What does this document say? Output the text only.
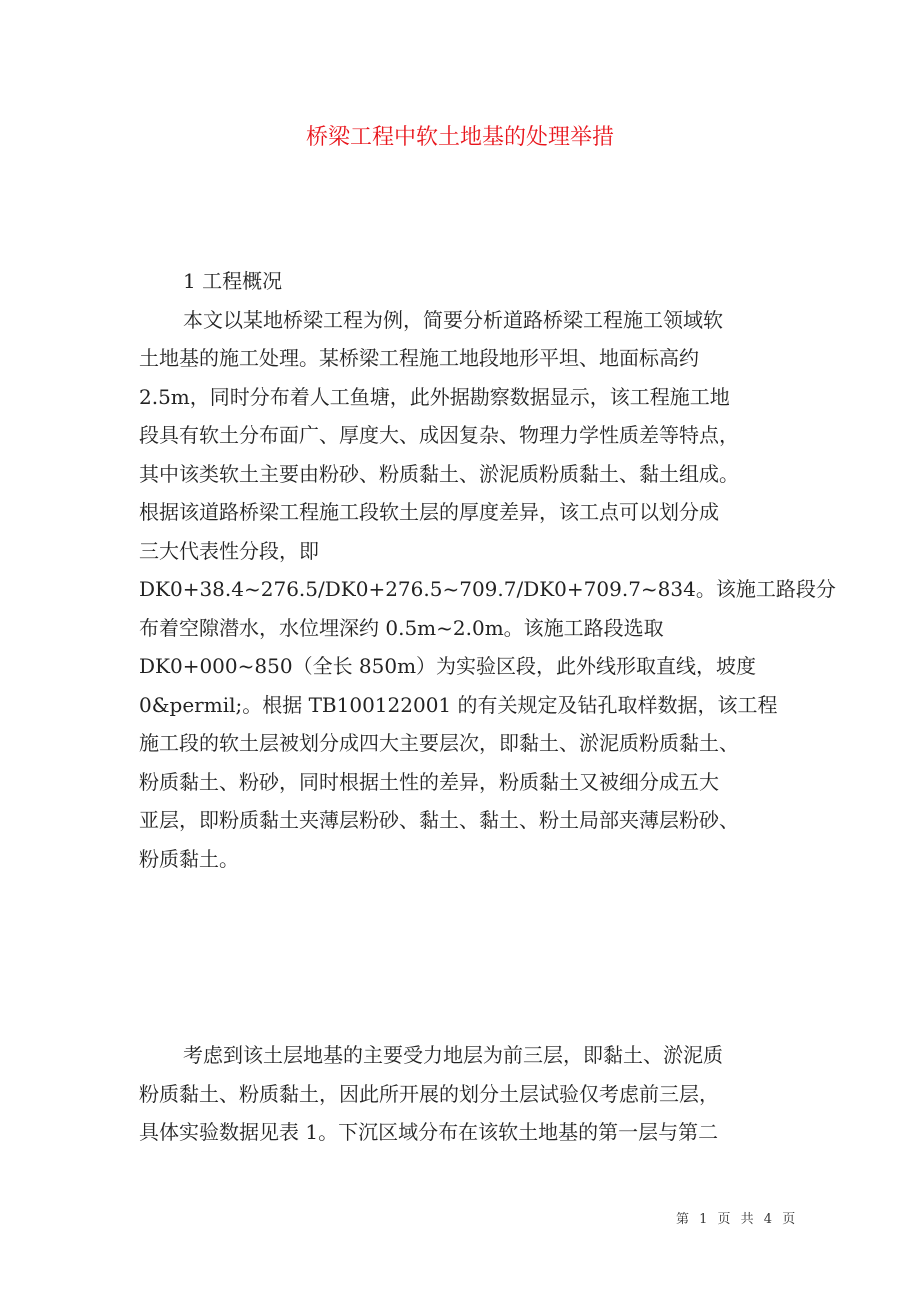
桥梁工程中软土地基的处理举措
1 工程概况
本文以某地桥梁工程为例，简要分析道路桥梁工程施工领域软
土地基的施工处理。某桥梁工程施工地段地形平坦、地面标高约
2.5m，同时分布着人工鱼塘，此外据勘察数据显示，该工程施工地
段具有软土分布面广、厚度大、成因复杂、物理力学性质差等特点，
其中该类软土主要由粉砂、粉质黏土、淤泥质粉质黏土、黏土组成。
根据该道路桥梁工程施工段软土层的厚度差异，该工点可以划分成
三大代表性分段，即
DK0+38.4~276.5/DK0+276.5~709.7/DK0+709.7~834。该施工路段分
布着空隙潜水，水位埋深约 0.5m~2.0m。该施工路段选取
DK0+000~850（全长 850m）为实验区段，此外线形取直线，坡度
0&permil;。根据 TB100122001 的有关规定及钻孔取样数据，该工程
施工段的软土层被划分成四大主要层次，即黏土、淤泥质粉质黏土、
粉质黏土、粉砂，同时根据土性的差异，粉质黏土又被细分成五大
亚层，即粉质黏土夹薄层粉砂、黏土、黏土、粉土局部夹薄层粉砂、
粉质黏土。
考虑到该土层地基的主要受力地层为前三层，即黏土、淤泥质
粉质黏土、粉质黏土，因此所开展的划分土层试验仅考虑前三层，
具体实验数据见表 1。下沉区域分布在该软土地基的第一层与第二
第 1 页 共 4 页
